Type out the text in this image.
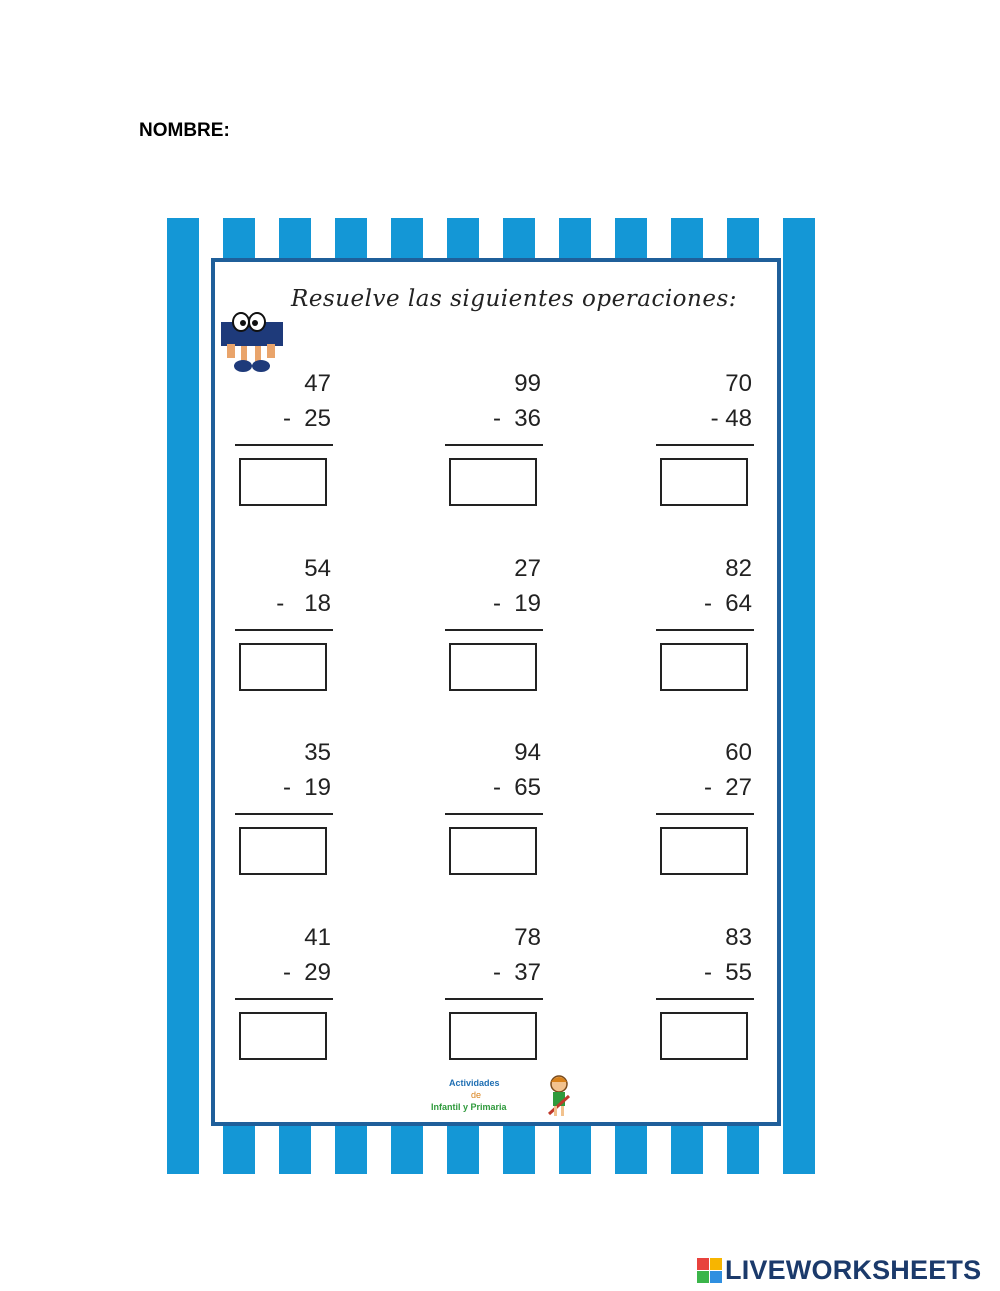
NOMBRE:
Resuelve las siguientes operaciones:
47
-  25
99
-  36
70
- 48
54
-   18
27
-  19
82
-  64
35
-  19
94
-  65
60
-  27
41
-  29
78
-  37
83
-  55
Actividades
de
Infantil y Primaria
LIVEWORKSHEETS
